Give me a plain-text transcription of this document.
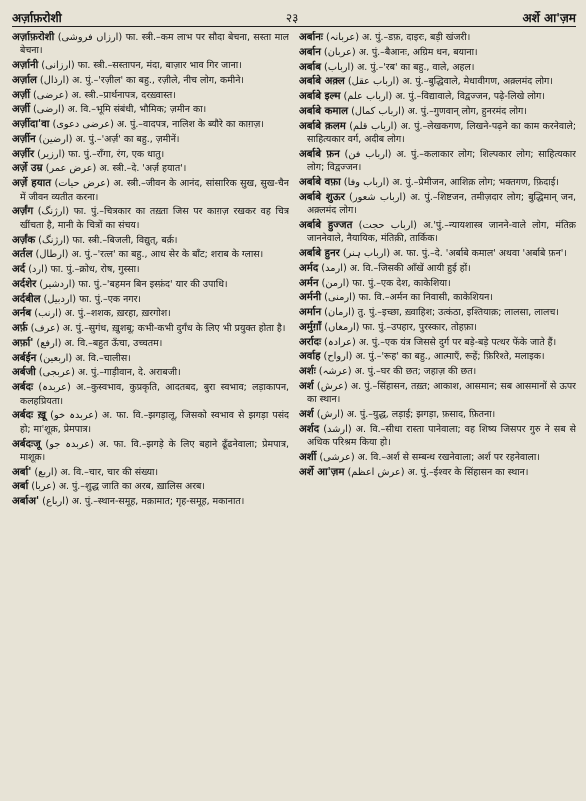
अर्ज़ाफ़रोशी	२३	अर्शे आ'ज़म

अर्ज़ाफ़रोशी (ارزاں فروشی) फा. स्त्री.–कम लाभ पर सौदा बेचना, सस्ता माल बेचना।

अर्ज़ानी (ارزانی) फा. स्त्री.–सस्तापन, मंदा, बाज़ार भाव गिर जाना।

अर्ज़ाल (ارذال) अ. पुं.–'रज़ील' का बहु., रज़ीले, नीच लोग, कमीने।

अर्ज़ी (عرضی) अ. स्त्री.–प्रार्थनापत्र, दरख़्वास्त।

अर्ज़ी (ارضی) अ. वि.–भूमि संबंधी, भौमिक; ज़मीन का।

अर्ज़ीदा'वा (عرضی دعوی) अ. पुं.–वादपत्र, नालिश के ब्यौरे का काग़ज़।

अर्ज़ीन (ارضین) अ. पुं.–'अर्ज़' का बहु., ज़मीनें।

अर्ज़ीर (ارزیر) फा. पुं.–राँगा, रंग, एक धातु।

अर्ज़े उम्र (عرض عمر) अ. स्त्री.–दे. 'अर्ज़ हयात'।

अर्ज़े हयात (عرض حیات) अ. स्त्री.–जीवन के आनंद, सांसारिक सुख, सुख-चैन में जीवन व्यतीत करना।

अर्ज़ंग (ارژنگ) फा. पुं.–चित्रकार का तख़्ता जिस पर काग़ज़ रखकर वह चित्र खींचता है, मानी के चित्रों का संचय।

अर्ज़ंक (ارژنگ) फा. स्त्री.–बिजली, विद्युत्, बर्क़।

अर्तल (ارطال) अ. पुं.–'रत्ल' का बहु., आध सेर के बाँट; शराब के ग्लास।

अर्द (ارد) फा. पुं.–क्रोध, रोष, गुस्सा।

अर्दशेर (اردشیر) फा. पुं.–'बहमन बिन इस्फ़ंद' यार की उपाधि।

अर्दबील (اردبیل) फा. पुं.–एक नगर।

अर्नब (ارنب) अ. पुं.–शशक, ख़रहा, ख़रगोश।

अर्फ़ (عرف) अ. पुं.–सुगंध, ख़ुशबू; कभी-कभी दुर्गंध के लिए भी प्रयुक्त होता है।

अर्फ़ा' (ارفع) अ. वि.–बहुत ऊँचा, उच्चतम।

अर्बईन (اربعین) अ. वि.–चालीस।

अर्बजी (عربجی) अ. पुं.–गाड़ीवान, दे. अराबजी।

अर्बदः (عربدہ) अ.–कुस्वभाव, कुप्रकृति, आदतबद, बुरा स्वभाव; लड़ाकापन, कलहप्रियता।

अर्बदः ख़ू (عربدہ خو) अ. फा. वि.–झगड़ालू, जिसको स्वभाव से झगड़ा पसंद हो; मा'शूक़, प्रेमपात्र।

अर्बदःजू (عربدہ جو) अ. फा. वि.–झगड़े के लिए बहाने ढूँढनेवाला; प्रेमपात्र, माशूक़।

अर्बा' (اربع) अ. वि.–चार, चार की संख्या।

अर्बा (عربا) अ. पुं.–शुद्ध जाति का अरब, ख़ालिस अरब।

अर्बाअ' (ارباع) अ. पुं.–स्थान-समूह, मक़ामात; गृह-समूह, मकानात।

अर्बानः (عربانہ) अ. पुं.–डफ़, दाइरः, बड़ी खंजरी।

अर्बान (عربان) अ. पुं.–बैआनः, अग्रिम धन, बयाना।

अर्बाब (ارباب) अ. पुं.–'रब' का बहु., वाले, अहल।

अर्बाबे अक़्ल (ارباب عقل) अ. पुं.–बुद्धिवाले, मेधावीगण, अक़्लमंद लोग।

अर्बाबे इल्म (ارباب علم) अ. पुं.–विद्यावाले, विद्वज्जन, पढ़े-लिखे लोग।

अर्बाबे कमाल (ارباب کمال) अ. पुं.–गुणवान् लोग, हुनरमंद लोग।

अर्बाबे क़लम (ارباب قلم) अ. पुं.–लेखकगण, लिखने-पढ़ने का काम करनेवाले; साहित्यकार वर्ग, अदीब लोग।

अर्बाबे फ़न (ارباب فن) अ. पुं.–कलाकार लोग; शिल्पकार लोग; साहित्यकार लोग; विद्वज्जन।

अर्बाबे वफ़ा (ارباب وفا) अ. पुं.–प्रेमीजन, आशिक़ लोग; भक्तगण, फ़िदाई।

अर्बाबे शुऊर (ارباب شعور) अ. पुं.–शिष्टजन, तमीज़दार लोग; बुद्धिमान् जन, अक़्लमंद लोग।

अर्बाबे हुज्जत (ارباب حجت) अ.'पुं.–न्यायशास्त्र जानने-वाले लोग, मंतिक़ जाननेवाले, नैयायिक, मंतिक़ी, तार्किक।

अर्बाबे हुनर (ارباب ہنر) अ. फा. पुं.–दे. 'अर्बाबे कमाल' अथवा 'अर्बाबे फ़न'।

अर्मद (ارمد) अ. वि.–जिसकी आँखें आयी हुई हों।

अर्मन (ارمن) फा. पुं.–एक देश, काकेशिया।

अर्मनी (ارمنی) फा. वि.–अर्मन का निवासी, काकेशियन।

अर्मान (ارمان) तु. पुं.–इच्छा, ख़्वाहिश; उत्कंठा, इश्तियाक़; लालसा, लालच।

अर्मुग़ाँ (ارمغاں) फा. पुं.–उपहार, पुरस्कार, तोहफ़ा।

अर्रादः (عرادہ) अ. पुं.–एक यंत्र जिससे दुर्ग पर बड़े-बड़े पत्थर फेंके जाते हैं।

अर्वाह (ارواح) अ. पुं.–'रूह' का बहु., आत्माएँ, रूहें; फ़िरिश्ते, मलाइक।

अर्शः (عرشہ) अ. पुं.–घर की छत; जहाज़ की छत।

अर्श (عرش) अ. पुं.–सिंहासन, तख़्त; आकाश, आसमान; सब आसमानों से ऊपर का स्थान।

अर्श (ارش) अ. पुं.–युद्ध, लड़ाई; झगड़ा, फ़साद, फ़ितना।

अर्शद (ارشد) अ. वि.–सीधा रास्ता पानेवाला; वह शिष्य जिसपर गुरु ने सब से अधिक परिश्रम किया हो।

अर्शी (عرشی) अ. वि.–अर्श से सम्बन्ध रखनेवाला; अर्श पर रहनेवाला।

अर्शे आ'ज़म (عرش اعظم) अ. पुं.–ईश्वर के सिंहासन का स्थान।
